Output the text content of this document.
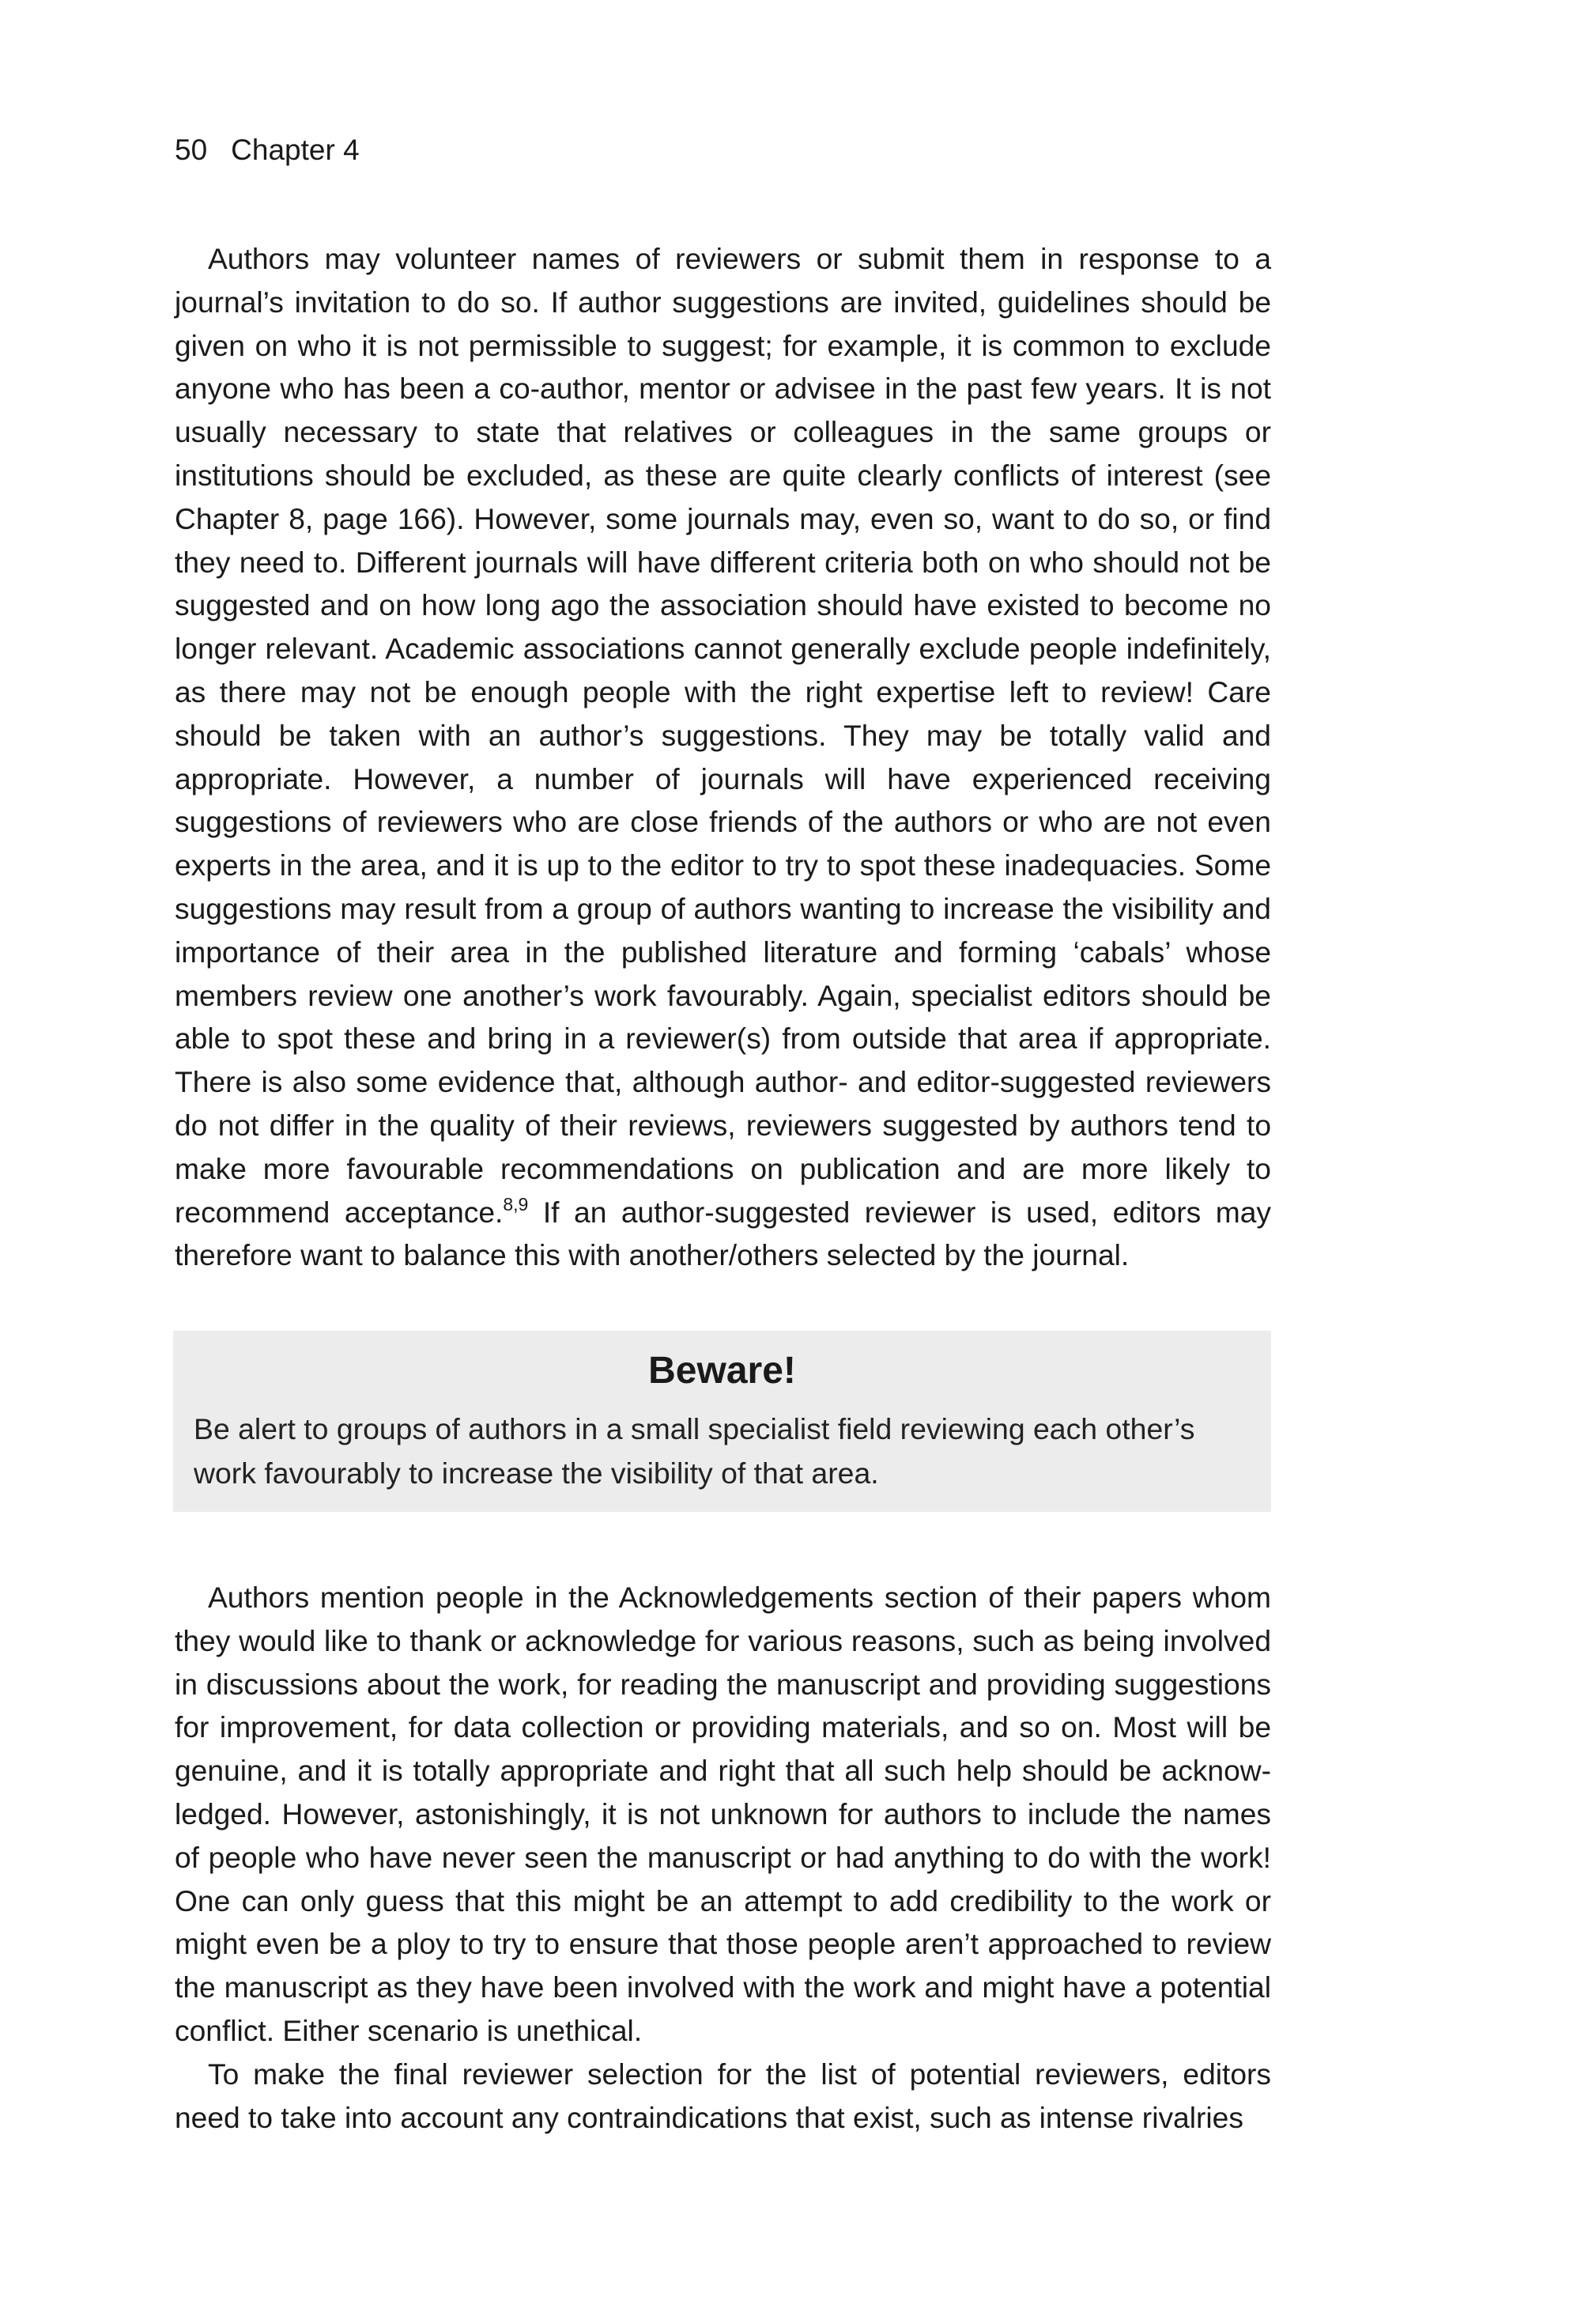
50 Chapter 4

Authors may volunteer names of reviewers or submit them in response to a journal’s invitation to do so. If author suggestions are invited, guidelines should be given on who it is not permissible to suggest; for example, it is common to exclude anyone who has been a co-author, mentor or advisee in the past few years. It is not usually necessary to state that relatives or colleagues in the same groups or institutions should be excluded, as these are quite clearly conflicts of interest (see Chapter 8, page 166). However, some journals may, even so, want to do so, or find they need to. Different journals will have different criteria both on who should not be suggested and on how long ago the association should have existed to become no longer relevant. Academic associations cannot generally exclude people indefinitely, as there may not be enough people with the right expertise left to review! Care should be taken with an author’s suggestions. They may be totally valid and appropriate. However, a number of journals will have experienced receiving suggestions of reviewers who are close friends of the authors or who are not even experts in the area, and it is up to the editor to try to spot these inadequacies. Some suggestions may result from a group of authors wanting to increase the visibility and importance of their area in the published literature and forming ‘cabals’ whose members review one another’s work favourably. Again, specialist editors should be able to spot these and bring in a reviewer(s) from outside that area if appropriate. There is also some evidence that, although author- and editor-suggested reviewers do not differ in the quality of their reviews, reviewers suggested by authors tend to make more favourable recommendations on publication and are more likely to recommend acceptance.$^{8,9}$ If an author-suggested reviewer is used, editors may therefore want to balance this with another/others selected by the journal.

Beware!
Be alert to groups of authors in a small specialist field reviewing each other’s work favourably to increase the visibility of that area.

Authors mention people in the Acknowledgements section of their papers whom they would like to thank or acknowledge for various reasons, such as being involved in discussions about the work, for reading the manuscript and providing suggestions for improvement, for data collection or providing materials, and so on. Most will be genuine, and it is totally appropriate and right that all such help should be acknowledged. However, astonishingly, it is not unknown for authors to include the names of people who have never seen the manuscript or had anything to do with the work! One can only guess that this might be an attempt to add credibility to the work or might even be a ploy to try to ensure that those people aren’t approached to review the manuscript as they have been involved with the work and might have a potential conflict. Either scenario is unethical.

To make the final reviewer selection for the list of potential reviewers, editors need to take into account any contraindications that exist, such as intense rivalries
